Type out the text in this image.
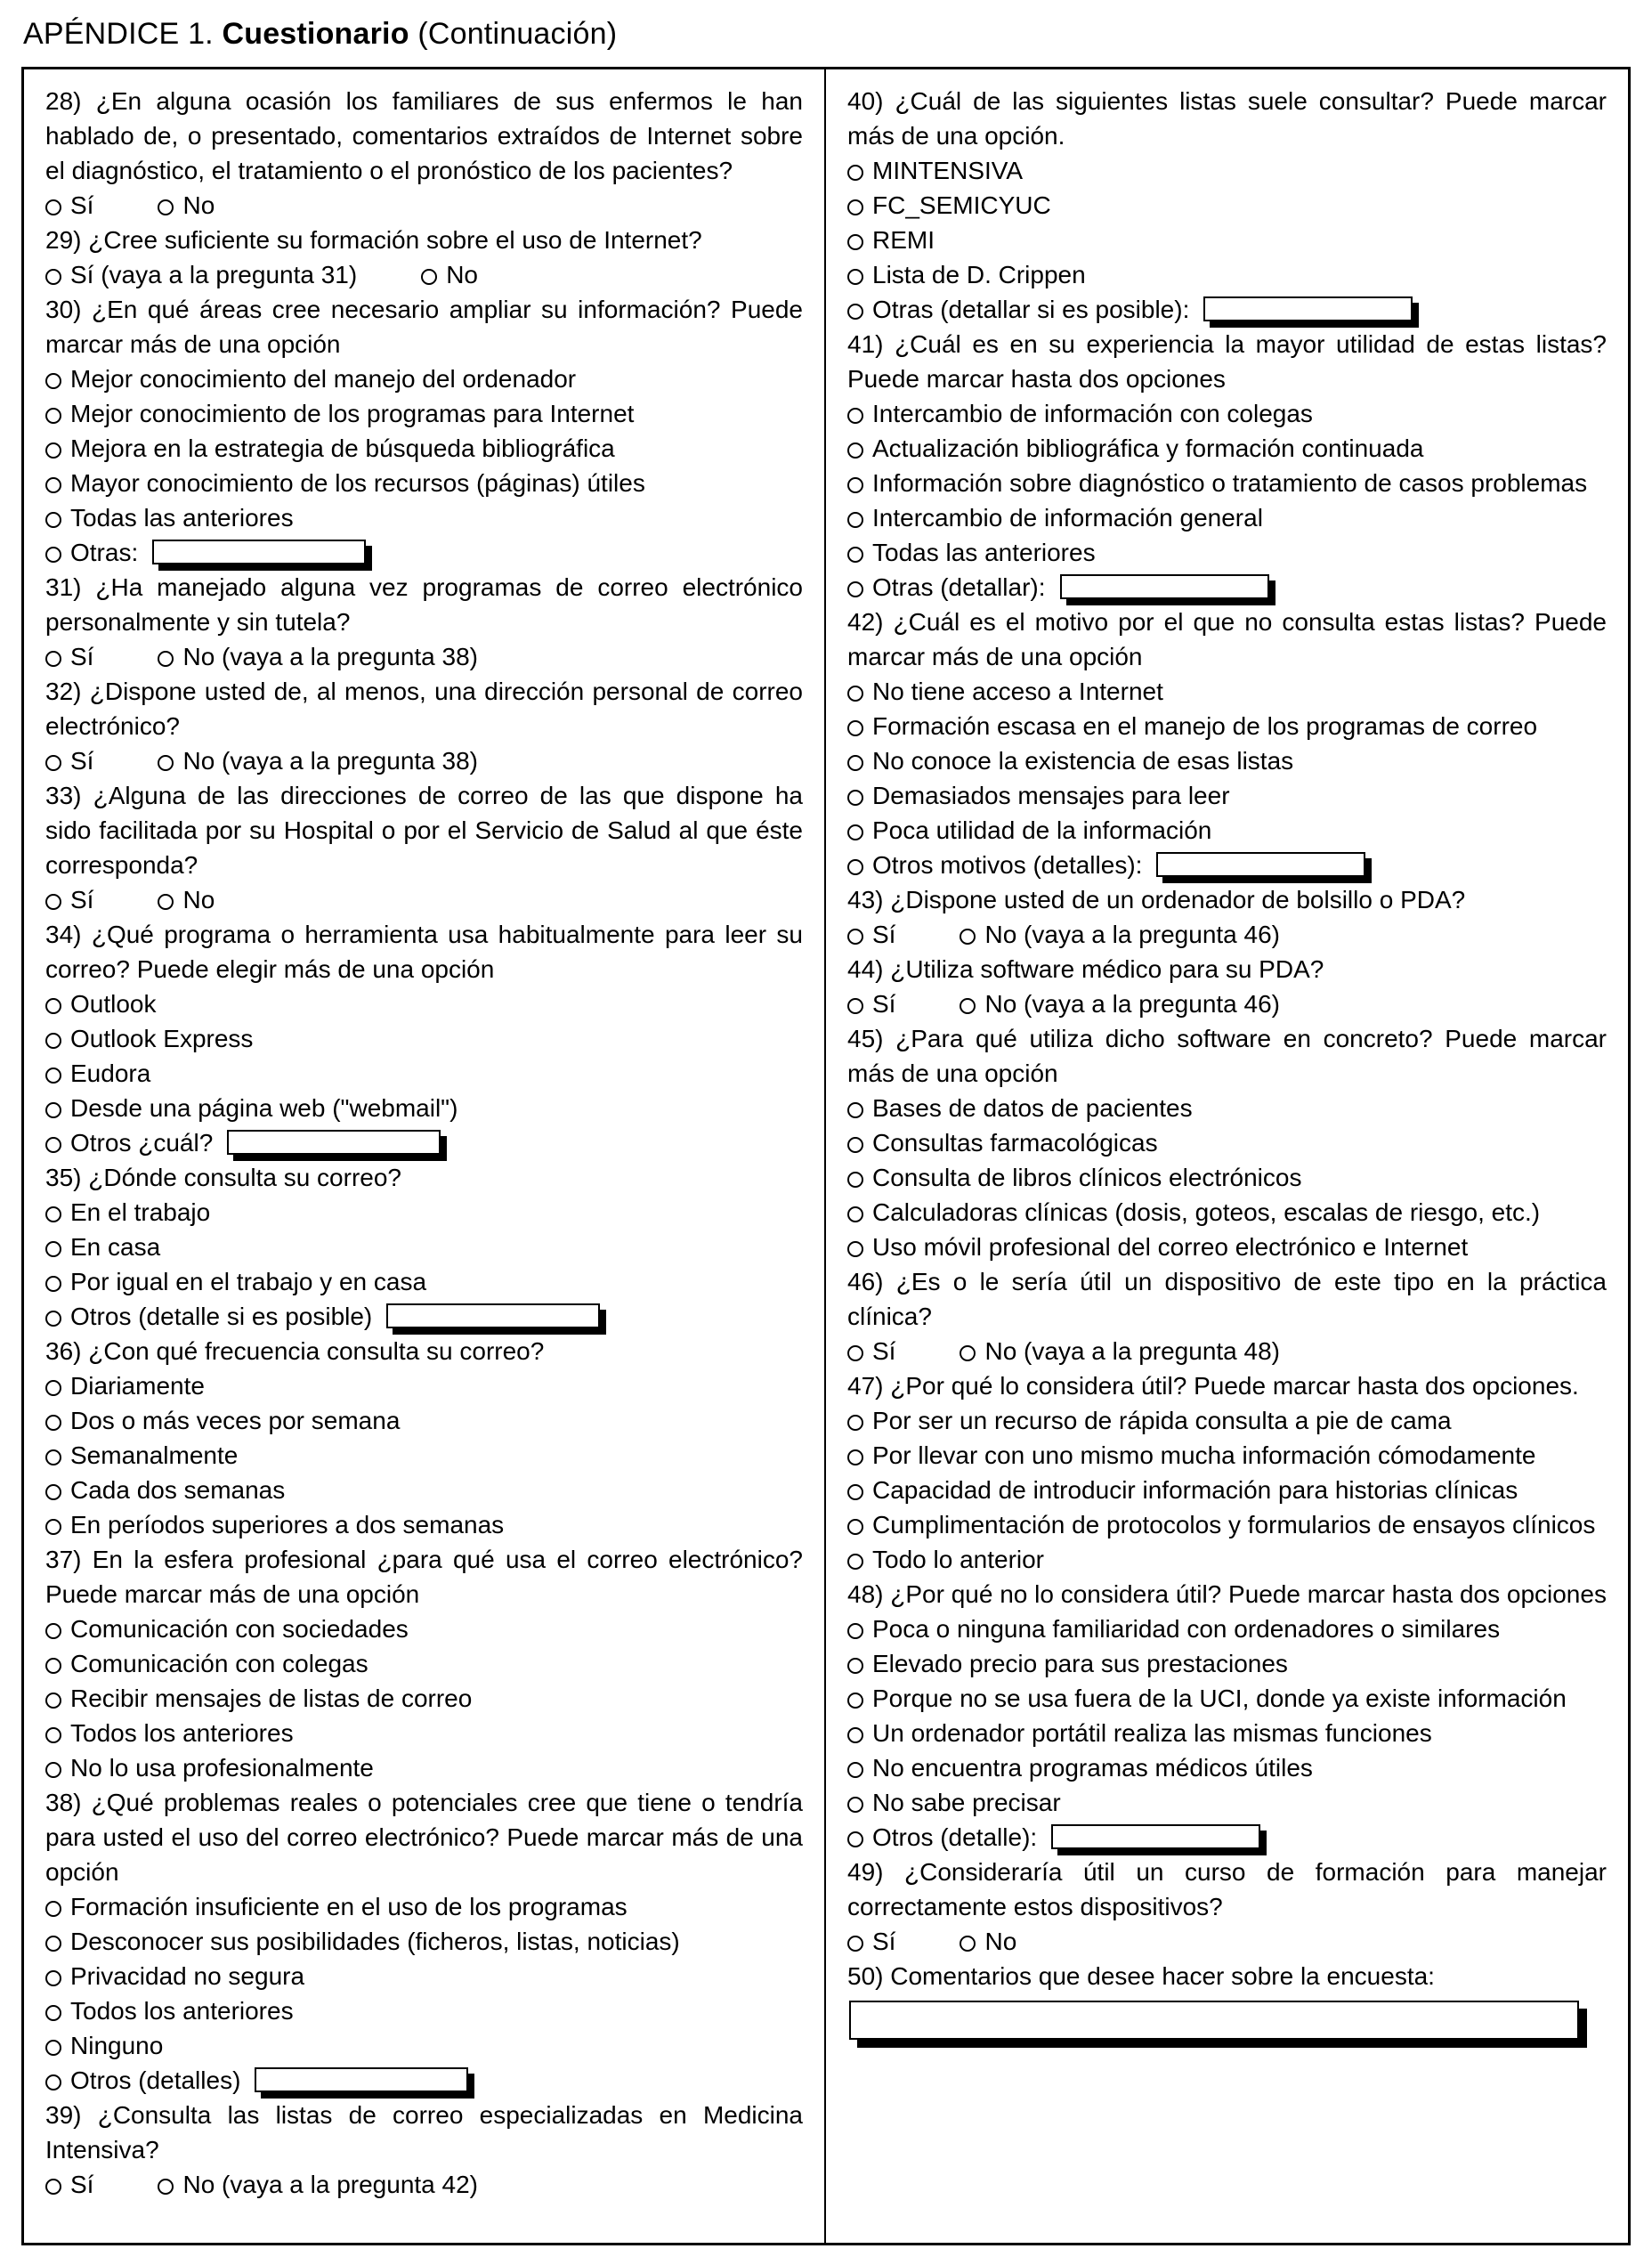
APÉNDICE 1. Cuestionario (Continuación)

28) ¿En alguna ocasión los familiares de sus enfermos le han hablado de, o presentado, comentarios extraídos de Internet sobre el diagnóstico, el tratamiento o el pronóstico de los pacientes?

Sí	No

29) ¿Cree suficiente su formación sobre el uso de Internet?

Sí (vaya a la pregunta 31)	No

30) ¿En qué áreas cree necesario ampliar su información? Puede marcar más de una opción

Mejor conocimiento del manejo del ordenador
Mejor conocimiento de los programas para Internet
Mejora en la estrategia de búsqueda bibliográfica
Mayor conocimiento de los recursos (páginas) útiles
Todas las anteriores
Otras:

31) ¿Ha manejado alguna vez programas de correo electrónico personalmente y sin tutela?

Sí	No (vaya a la pregunta 38)

32) ¿Dispone usted de, al menos, una dirección personal de correo electrónico?

Sí	No (vaya a la pregunta 38)

33) ¿Alguna de las direcciones de correo de las que dispone ha sido facilitada por su Hospital o por el Servicio de Salud al que éste corresponda?

Sí	No

34) ¿Qué programa o herramienta usa habitualmente para leer su correo? Puede elegir más de una opción

Outlook
Outlook Express
Eudora
Desde una página web ("webmail")
Otros ¿cuál?

35) ¿Dónde consulta su correo?

En el trabajo
En casa
Por igual en el trabajo y en casa
Otros (detalle si es posible)

36) ¿Con qué frecuencia consulta su correo?

Diariamente
Dos o más veces por semana
Semanalmente
Cada dos semanas
En períodos superiores a dos semanas

37) En la esfera profesional ¿para qué usa el correo electrónico? Puede marcar más de una opción

Comunicación con sociedades
Comunicación con colegas
Recibir mensajes de listas de correo
Todos los anteriores
No lo usa profesionalmente

38) ¿Qué problemas reales o potenciales cree que tiene o tendría para usted el uso del correo electrónico? Puede marcar más de una opción

Formación insuficiente en el uso de los programas
Desconocer sus posibilidades (ficheros, listas, noticias)
Privacidad no segura
Todos los anteriores
Ninguno
Otros (detalles)

39) ¿Consulta las listas de correo especializadas en Medicina Intensiva?

Sí	No (vaya a la pregunta 42)

40) ¿Cuál de las siguientes listas suele consultar? Puede marcar más de una opción.

MINTENSIVA
FC_SEMICYUC
REMI
Lista de D. Crippen
Otras (detallar si es posible):

41) ¿Cuál es en su experiencia la mayor utilidad de estas listas? Puede marcar hasta dos opciones

Intercambio de información con colegas
Actualización bibliográfica y formación continuada
Información sobre diagnóstico o tratamiento de casos problemas
Intercambio de información general
Todas las anteriores
Otras (detallar):

42) ¿Cuál es el motivo por el que no consulta estas listas? Puede marcar más de una opción

No tiene acceso a Internet
Formación escasa en el manejo de los programas de correo
No conoce la existencia de esas listas
Demasiados mensajes para leer
Poca utilidad de la información
Otros motivos (detalles):

43) ¿Dispone usted de un ordenador de bolsillo o PDA?

Sí	No (vaya a la pregunta 46)

44) ¿Utiliza software médico para su PDA?

Sí	No (vaya a la pregunta 46)

45) ¿Para qué utiliza dicho software en concreto? Puede marcar más de una opción

Bases de datos de pacientes
Consultas farmacológicas
Consulta de libros clínicos electrónicos
Calculadoras clínicas (dosis, goteos, escalas de riesgo, etc.)
Uso móvil profesional del correo electrónico e Internet

46) ¿Es o le sería útil un dispositivo de este tipo en la práctica clínica?

Sí	No (vaya a la pregunta 48)

47) ¿Por qué lo considera útil? Puede marcar hasta dos opciones.

Por ser un recurso de rápida consulta a pie de cama
Por llevar con uno mismo mucha información cómodamente
Capacidad de introducir información para historias clínicas
Cumplimentación de protocolos y formularios de ensayos clínicos
Todo lo anterior

48) ¿Por qué no lo considera útil? Puede marcar hasta dos opciones

Poca o ninguna familiaridad con ordenadores o similares
Elevado precio para sus prestaciones
Porque no se usa fuera de la UCI, donde ya existe información
Un ordenador portátil realiza las mismas funciones
No encuentra programas médicos útiles
No sabe precisar
Otros (detalle):

49) ¿Consideraría útil un curso de formación para manejar correctamente estos dispositivos?

Sí	No

50) Comentarios que desee hacer sobre la encuesta:
